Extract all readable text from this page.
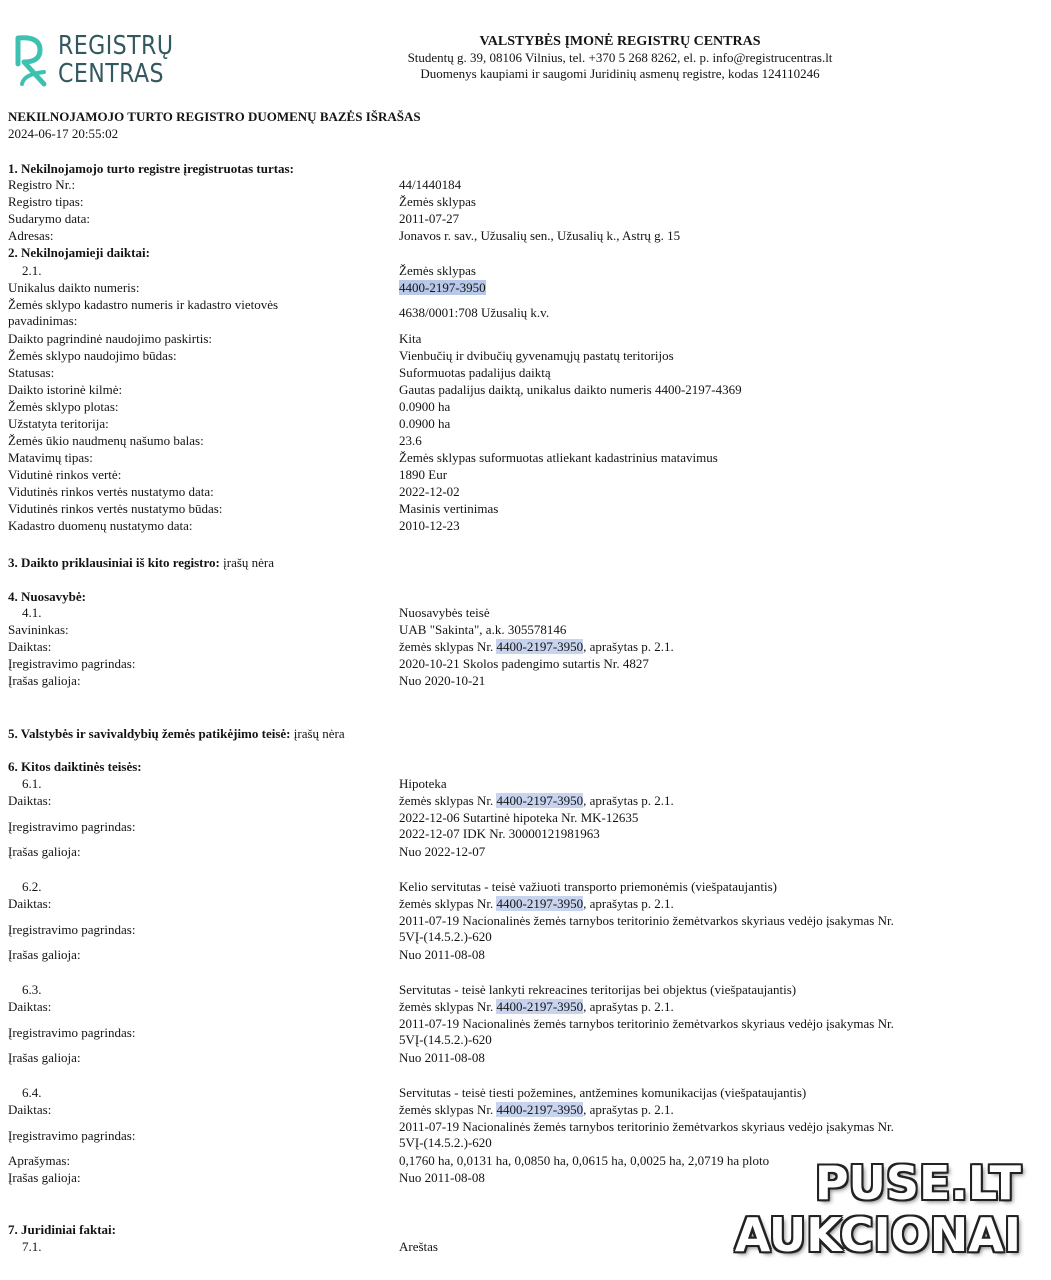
REGISTRŲ
CENTRAS
VALSTYBĖS ĮMONĖ REGISTRŲ CENTRAS
Studentų g. 39, 08106 Vilnius, tel. +370 5 268 8262, el. p. info@registrucentras.lt
Duomenys kaupiami ir saugomi Juridinių asmenų registre, kodas 124110246
NEKILNOJAMOJO TURTO REGISTRO DUOMENŲ BAZĖS IŠRAŠAS
2024-06-17 20:55:02
1. Nekilnojamojo turto registre įregistruotas turtas:
Registro Nr.:	44/1440184
Registro tipas:	Žemės sklypas
Sudarymo data:	2011-07-27
Adresas:	Jonavos r. sav., Užusalių sen., Užusalių k., Astrų g. 15
2. Nekilnojamieji daiktai:
2.1.	Žemės sklypas
Unikalus daikto numeris:	4400-2197-3950
Žemės sklypo kadastro numeris ir kadastro vietovės pavadinimas:
4638/0001:708 Užusalių k.v.
Daikto pagrindinė naudojimo paskirtis:	Kita
Žemės sklypo naudojimo būdas:	Vienbučių ir dvibučių gyvenamųjų pastatų teritorijos
Statusas:	Suformuotas padalijus daiktą
Daikto istorinė kilmė:	Gautas padalijus daiktą, unikalus daikto numeris 4400-2197-4369
Žemės sklypo plotas:	0.0900 ha
Užstatyta teritorija:	0.0900 ha
Žemės ūkio naudmenų našumo balas:	23.6
Matavimų tipas:	Žemės sklypas suformuotas atliekant kadastrinius matavimus
Vidutinė rinkos vertė:	1890 Eur
Vidutinės rinkos vertės nustatymo data:	2022-12-02
Vidutinės rinkos vertės nustatymo būdas:	Masinis vertinimas
Kadastro duomenų nustatymo data:	2010-12-23
3. Daikto priklausiniai iš kito registro: įrašų nėra
4. Nuosavybė:
4.1.	Nuosavybės teisė
Savininkas:	UAB "Sakinta", a.k. 305578146
Daiktas:	žemės sklypas Nr. 4400-2197-3950, aprašytas p. 2.1.
Įregistravimo pagrindas:	2020-10-21 Skolos padengimo sutartis Nr. 4827
Įrašas galioja:	Nuo 2020-10-21
5. Valstybės ir savivaldybių žemės patikėjimo teisė: įrašų nėra
6. Kitos daiktinės teisės:
6.1.	Hipoteka
Daiktas:	žemės sklypas Nr. 4400-2197-3950, aprašytas p. 2.1.
Įregistravimo pagrindas:
2022-12-06 Sutartinė hipoteka Nr. MK-12635
2022-12-07 IDK Nr. 30000121981963
Įrašas galioja:	Nuo 2022-12-07
6.2.	Kelio servitutas - teisė važiuoti transporto priemonėmis (viešpataujantis)
Daiktas:	žemės sklypas Nr. 4400-2197-3950, aprašytas p. 2.1.
Įregistravimo pagrindas:
2011-07-19 Nacionalinės žemės tarnybos teritorinio žemėtvarkos skyriaus vedėjo įsakymas Nr.
5VĮ-(14.5.2.)-620
Įrašas galioja:	Nuo 2011-08-08
6.3.	Servitutas - teisė lankyti rekreacines teritorijas bei objektus (viešpataujantis)
Daiktas:	žemės sklypas Nr. 4400-2197-3950, aprašytas p. 2.1.
Įregistravimo pagrindas:
2011-07-19 Nacionalinės žemės tarnybos teritorinio žemėtvarkos skyriaus vedėjo įsakymas Nr.
5VĮ-(14.5.2.)-620
Įrašas galioja:	Nuo 2011-08-08
6.4.	Servitutas - teisė tiesti požemines, antžemines komunikacijas (viešpataujantis)
Daiktas:	žemės sklypas Nr. 4400-2197-3950, aprašytas p. 2.1.
Įregistravimo pagrindas:
2011-07-19 Nacionalinės žemės tarnybos teritorinio žemėtvarkos skyriaus vedėjo įsakymas Nr.
5VĮ-(14.5.2.)-620
Aprašymas:	0,1760 ha, 0,0131 ha, 0,0850 ha, 0,0615 ha, 0,0025 ha, 2,0719 ha ploto
Įrašas galioja:	Nuo 2011-08-08
7. Juridiniai faktai:
7.1.	Areštas
PUSE.LT
AUKCIONAI
